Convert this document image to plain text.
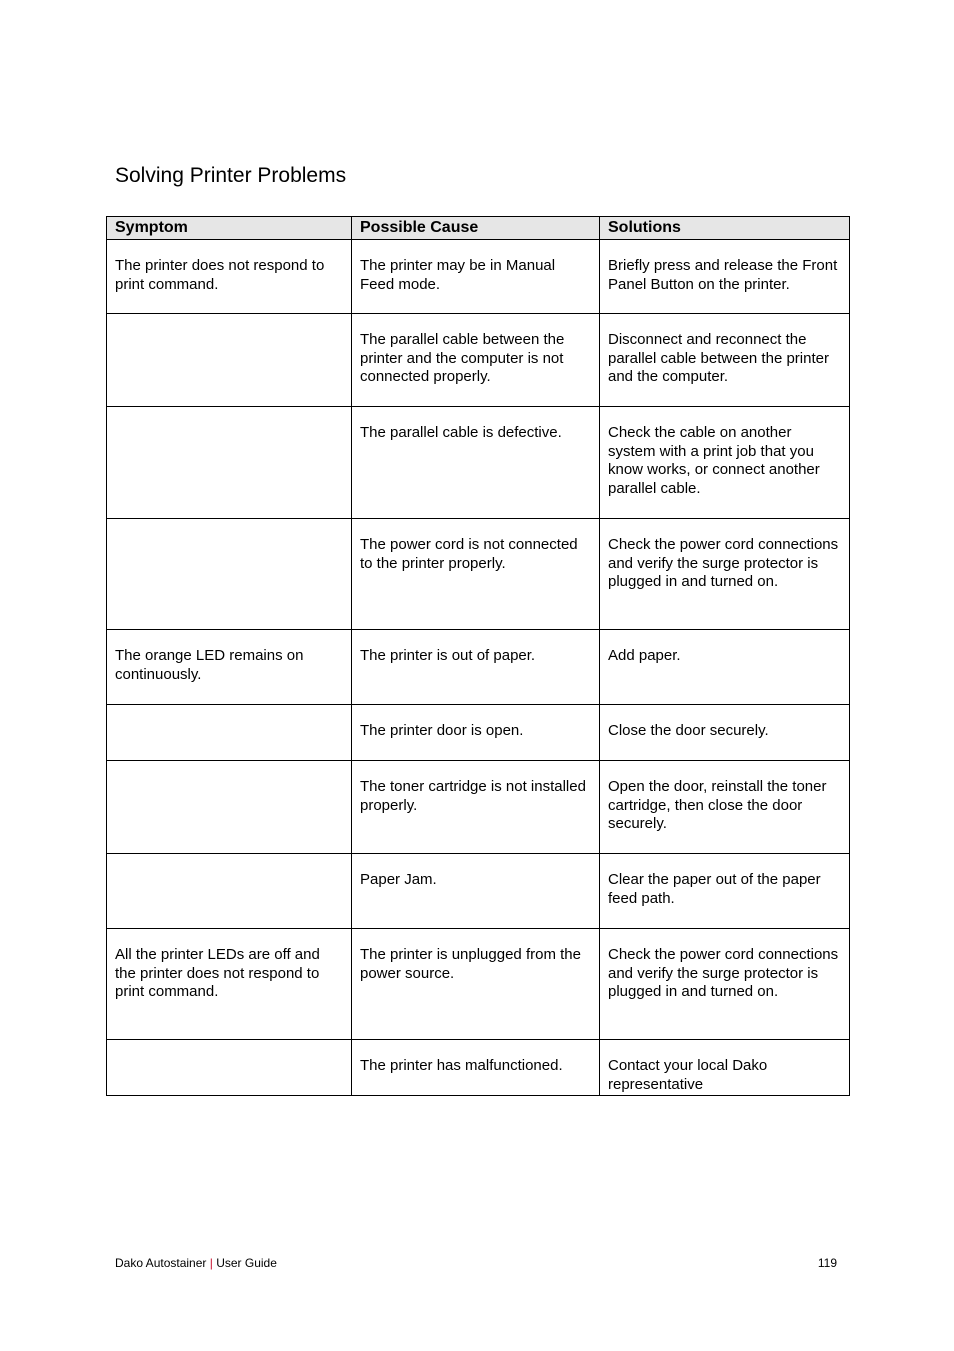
Solving Printer Problems
Symptom	Possible Cause	Solutions
The printer does not respond to print command.	The printer may be in Manual Feed mode.	Briefly press and release the Front Panel Button on the printer.
	The parallel cable between the printer and the computer is not connected properly.	Disconnect and reconnect the parallel cable between the printer and the computer.
	The parallel cable is defective.	Check the cable on another system with a print job that you know works, or connect another parallel cable.
	The power cord is not connected to the printer properly.	Check the power cord connections and verify the surge protector is plugged in and turned on.
The orange LED remains on continuously.	The printer is out of paper.	Add paper.
	The printer door is open.	Close the door securely.
	The toner cartridge is not installed properly.	Open the door, reinstall the toner cartridge, then close the door securely.
	Paper Jam.	Clear the paper out of the paper feed path.
All the printer LEDs are off and the printer does not respond to print command.	The printer is unplugged from the power source.	Check the power cord connections and verify the surge protector is plugged in and turned on.
	The printer has malfunctioned.	Contact your local Dako representative
Dako Autostainer | User Guide	119
